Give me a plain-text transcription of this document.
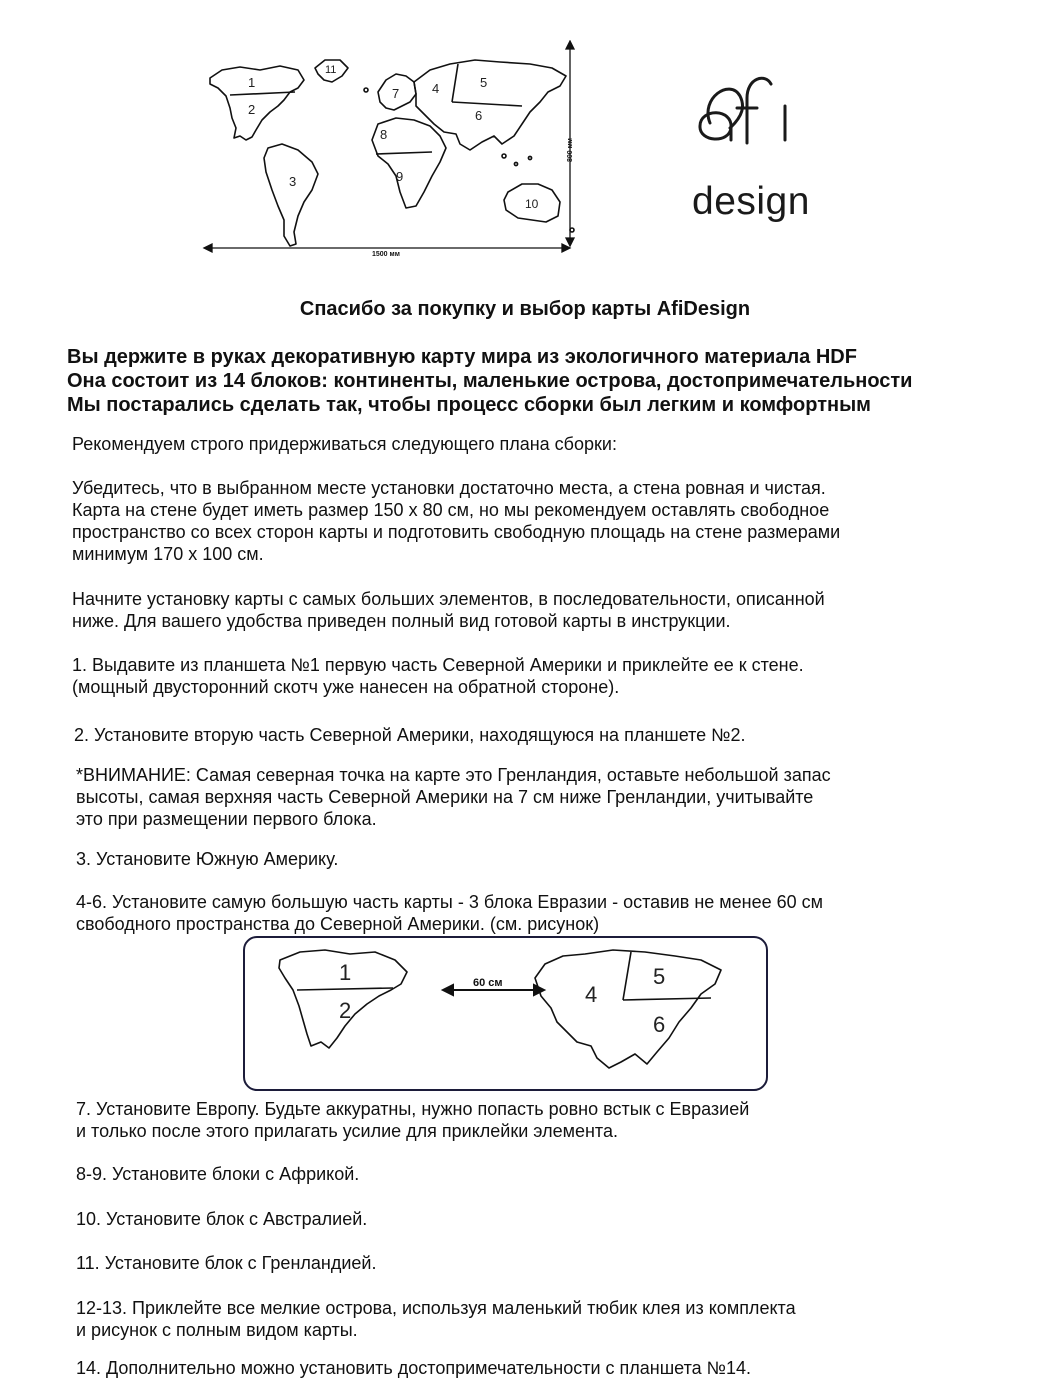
1
2
3
4	5
6
7
8
9
10
11
1500 мм
800 мм
design
Спасибо за покупку и выбор карты AfiDesign
Вы держите в руках декоративную карту мира из экологичного материала HDF
Она состоит из 14 блоков: континенты, маленькие острова, достопримечательности
Мы постарались сделать так, чтобы процесс сборки был легким и комфортным
Рекомендуем строго придерживаться следующего плана сборки:
Убедитесь, что в выбранном месте установки достаточно места, а стена ровная и чистая.
Карта на стене будет иметь размер 150 х 80 см, но мы рекомендуем оставлять свободное
пространство со всех сторон карты и подготовить свободную площадь на стене размерами
минимум 170 х 100 см.
Начните установку карты с самых больших элементов, в последовательности, описанной
ниже. Для вашего удобства приведен полный вид готовой карты в инструкции.
1. Выдавите из планшета №1 первую часть Северной Америки и приклейте ее к стене.
(мощный двусторонний скотч уже нанесен на обратной стороне).
2. Установите вторую часть Северной Америки, находящуюся на планшете №2.
*ВНИМАНИЕ: Самая северная точка на карте это Гренландия, оставьте небольшой запас
высоты, самая верхняя часть Северной Америки на 7 см ниже Гренландии, учитывайте
это при размещении первого блока.
3. Установите Южную Америку.
4-6. Установите самую большую часть карты - 3 блока Евразии - оставив не менее 60 см
свободного пространства до Северной Америки. (см. рисунок)
60 см
1
2
4
5
6
7. Установите Европу. Будьте аккуратны, нужно попасть ровно встык с Евразией
и только после этого прилагать усилие для приклейки элемента.
8-9. Установите блоки с Африкой.
10. Установите блок с Австралией.
11. Установите блок с Гренландией.
12-13. Приклейте все мелкие острова, используя маленький тюбик клея из комплекта
и рисунок с полным видом карты.
14. Дополнительно можно установить достопримечательности с планшета №14.
